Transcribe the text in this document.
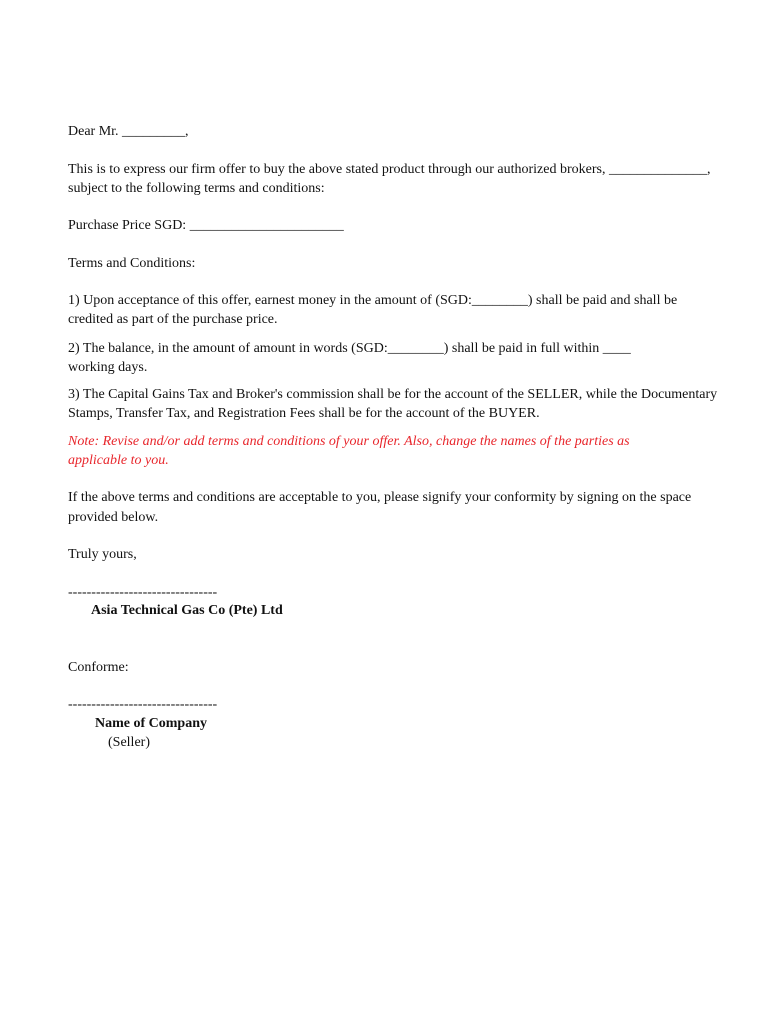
Dear Mr. _________,
This is to express our firm offer to buy the above stated product through our authorized brokers, ______________,
subject to the following terms and conditions:
Purchase Price SGD: ______________________
Terms and Conditions:
1) Upon acceptance of this offer, earnest money in the amount of (SGD:________) shall be paid and shall be
credited as part of the purchase price.
2) The balance, in the amount of amount in words (SGD:________) shall be paid in full within ____
working days.
3) The Capital Gains Tax and Broker's commission shall be for the account of the SELLER, while the Documentary
Stamps, Transfer Tax, and Registration Fees shall be for the account of the BUYER.
Note: Revise and/or add terms and conditions of your offer. Also, change the names of the parties as
applicable to you.
If the above terms and conditions are acceptable to you, please signify your conformity by signing on the space
provided below.
Truly yours,
--------------------------------
Asia Technical Gas Co (Pte) Ltd
Conforme:
--------------------------------
Name of Company
(Seller)
